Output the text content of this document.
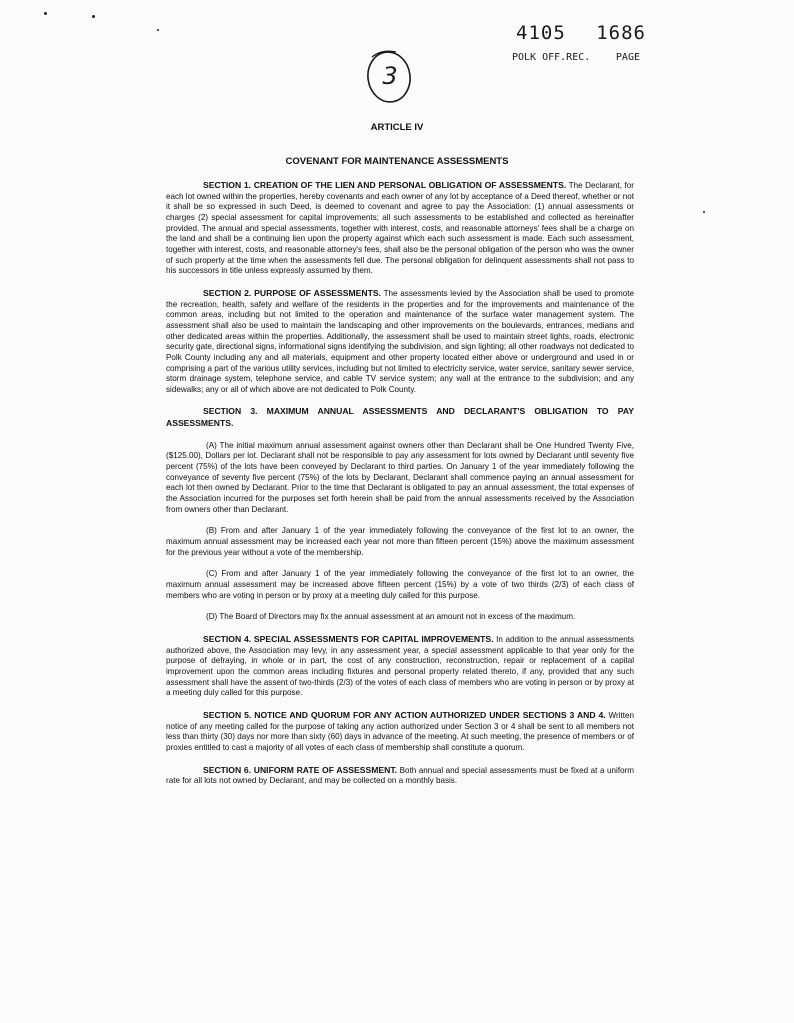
4105 1686
POLK OFF.REC.	PAGE
3
ARTICLE IV
COVENANT FOR MAINTENANCE ASSESSMENTS

SECTION 1. CREATION OF THE LIEN AND PERSONAL OBLIGATION OF ASSESSMENTS. The Declarant, for each lot owned within the properties, hereby covenants and each owner of any lot by acceptance of a Deed thereof, whether or not it shall be so expressed in such Deed, is deemed to covenant and agree to pay the Association: (1) annual assessments or charges (2) special assessment for capital improvements; all such assessments to be established and collected as hereinafter provided. The annual and special assessments, together with interest, costs, and reasonable attorneys' fees shall be a charge on the land and shall be a continuing lien upon the property against which each such assessment is made. Each such assessment, together with interest, costs, and reasonable attorney's fees, shall also be the personal obligation of the person who was the owner of such property at the time when the assessments fell due. The personal obligation for delinquent assessments shall not pass to his successors in title unless expressly assumed by them.

SECTION 2. PURPOSE OF ASSESSMENTS. The assessments levied by the Association shall be used to promote the recreation, health, safety and welfare of the residents in the properties and for the improvements and maintenance of the common areas, including but not limited to the operation and maintenance of the surface water management system. The assessment shall also be used to maintain the landscaping and other improvements on the boulevards, entrances, medians and other dedicated areas within the properties. Additionally, the assessment shall be used to maintain street lights, roads, electronic security gate, directional signs, informational signs identifying the subdivision, and sign lighting; all other roadways not dedicated to Polk County including any and all materials, equipment and other property located either above or underground and used in or comprising a part of the various utility services, including but not limited to electricity service, water service, sanitary sewer service, storm drainage system, telephone service, and cable TV service system; any wall at the entrance to the subdivision; and any sidewalks; any or all of which above are not dedicated to Polk County.

SECTION 3. MAXIMUM ANNUAL ASSESSMENTS AND DECLARANT'S OBLIGATION TO PAY ASSESSMENTS.

(A) The initial maximum annual assessment against owners other than Declarant shall be One Hundred Twenty Five, ($125.00), Dollars per lot. Declarant shall not be responsible to pay any assessment for lots owned by Declarant until seventy five percent (75%) of the lots have been conveyed by Declarant to third parties. On January 1 of the year immediately following the conveyance of seventy five percent (75%) of the lots by Declarant, Declarant shall commence paying an annual assessment for each lot then owned by Declarant. Prior to the time that Declarant is obligated to pay an annual assessment, the total expenses of the Association incurred for the purposes set forth herein shall be paid from the annual assessments received by the Association from owners other than Declarant.

(B) From and after January 1 of the year immediately following the conveyance of the first lot to an owner, the maximum annual assessment may be increased each year not more than fifteen percent (15%) above the maximum assessment for the previous year without a vote of the membership.

(C) From and after January 1 of the year immediately following the conveyance of the first lot to an owner, the maximum annual assessment may be increased above fifteen percent (15%) by a vote of two thirds (2/3) of each class of members who are voting in person or by proxy at a meeting duly called for this purpose.

(D) The Board of Directors may fix the annual assessment at an amount not in excess of the maximum.

SECTION 4. SPECIAL ASSESSMENTS FOR CAPITAL IMPROVEMENTS. In addition to the annual assessments authorized above, the Association may levy, in any assessment year, a special assessment applicable to that year only for the purpose of defraying, in whole or in part, the cost of any construction, reconstruction, repair or replacement of a capital improvement upon the common areas including fixtures and personal property related thereto, if any, provided that any such assessment shall have the assent of two-thirds (2/3) of the votes of each class of members who are voting in person or by proxy at a meeting duly called for this purpose.

SECTION 5. NOTICE AND QUORUM FOR ANY ACTION AUTHORIZED UNDER SECTIONS 3 AND 4. Written notice of any meeting called for the purpose of taking any action authorized under Section 3 or 4 shall be sent to all members not less than thirty (30) days nor more than sixty (60) days in advance of the meeting. At such meeting, the presence of members or of proxies entitled to cast a majority of all votes of each class of membership shall constitute a quorum.

SECTION 6. UNIFORM RATE OF ASSESSMENT. Both annual and special assessments must be fixed at a uniform rate for all lots not owned by Declarant, and may be collected on a monthly basis.
